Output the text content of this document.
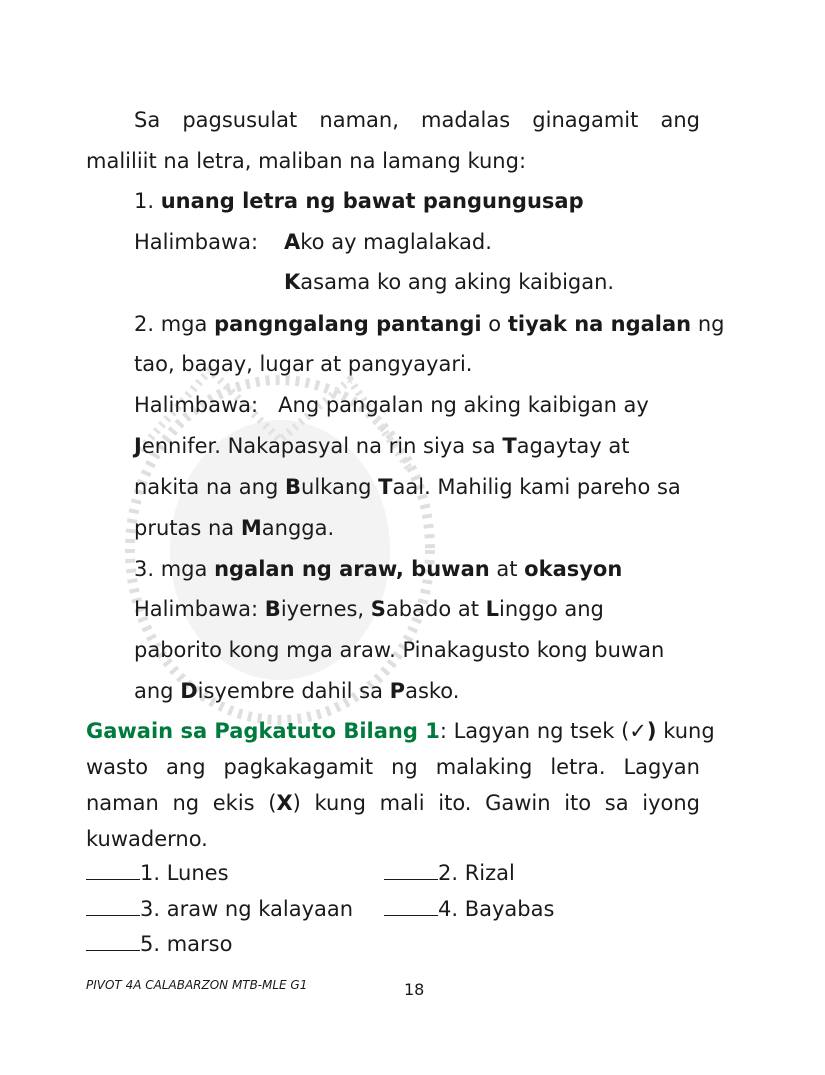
Sa pagsusulat naman, madalas ginagamit ang
maliliit na letra, maliban na lamang kung:
1. unang letra ng bawat pangungusap
Halimbawa: Ako ay maglalakad.
Kasama ko ang aking kaibigan.
2. mga pangngalang pantangi o tiyak na ngalan ng
tao, bagay, lugar at pangyayari.
Halimbawa: Ang pangalan ng aking kaibigan ay
Jennifer. Nakapasyal na rin siya sa Tagaytay at
nakita na ang Bulkang Taal. Mahilig kami pareho sa
prutas na Mangga.
3. mga ngalan ng araw, buwan at okasyon
Halimbawa: Biyernes, Sabado at Linggo ang
paborito kong mga araw. Pinakagusto kong buwan
ang Disyembre dahil sa Pasko.
Gawain sa Pagkatuto Bilang 1: Lagyan ng tsek (✓) kung
wasto ang pagkakagamit ng malaking letra. Lagyan
naman ng ekis (X) kung mali ito. Gawin ito sa iyong
kuwaderno.
1. Lunes	2. Rizal
3. araw ng kalayaan	4. Bayabas
5. marso
PIVOT 4A CALABARZON MTB-MLE G1	18
